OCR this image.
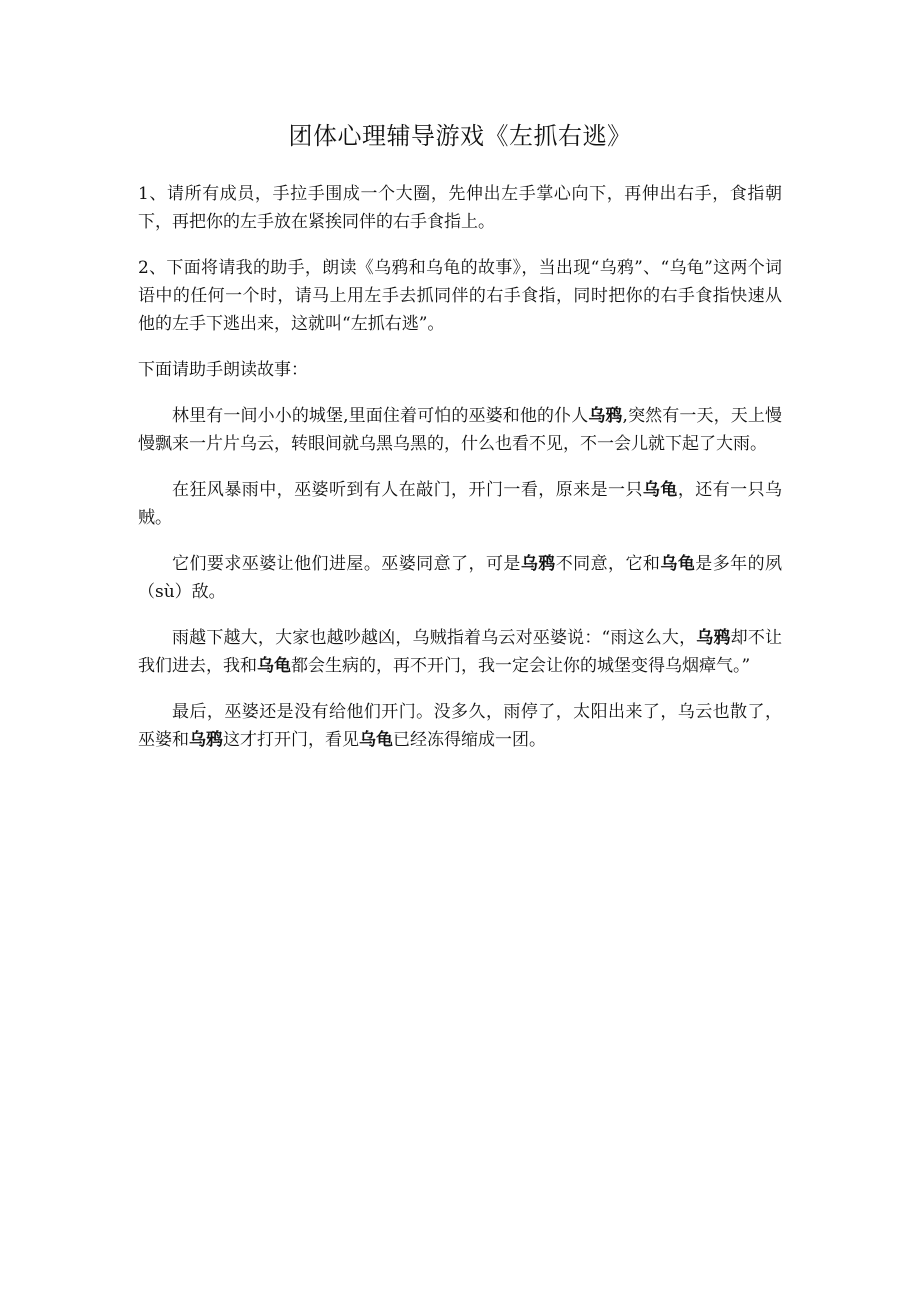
团体心理辅导游戏《左抓右逃》

1、请所有成员，手拉手围成一个大圈，先伸出左手掌心向下，再伸出右手，食指朝下，再把你的左手放在紧挨同伴的右手食指上。

2、下面将请我的助手，朗读《乌鸦和乌龟的故事》，当出现“乌鸦”、“乌龟”这两个词语中的任何一个时，请马上用左手去抓同伴的右手食指，同时把你的右手食指快速从他的左手下逃出来，这就叫“左抓右逃”。

下面请助手朗读故事：

林里有一间小小的城堡,里面住着可怕的巫婆和他的仆人乌鸦,突然有一天，天上慢慢飘来一片片乌云，转眼间就乌黑乌黑的，什么也看不见，不一会儿就下起了大雨。

在狂风暴雨中，巫婆听到有人在敲门，开门一看，原来是一只乌龟，还有一只乌贼。

它们要求巫婆让他们进屋。巫婆同意了，可是乌鸦不同意，它和乌龟是多年的夙（sù）敌。

雨越下越大，大家也越吵越凶，乌贼指着乌云对巫婆说：“雨这么大，乌鸦却不让我们进去，我和乌龟都会生病的，再不开门，我一定会让你的城堡变得乌烟瘴气。”

最后，巫婆还是没有给他们开门。没多久，雨停了，太阳出来了，乌云也散了，巫婆和乌鸦这才打开门，看见乌龟已经冻得缩成一团。
